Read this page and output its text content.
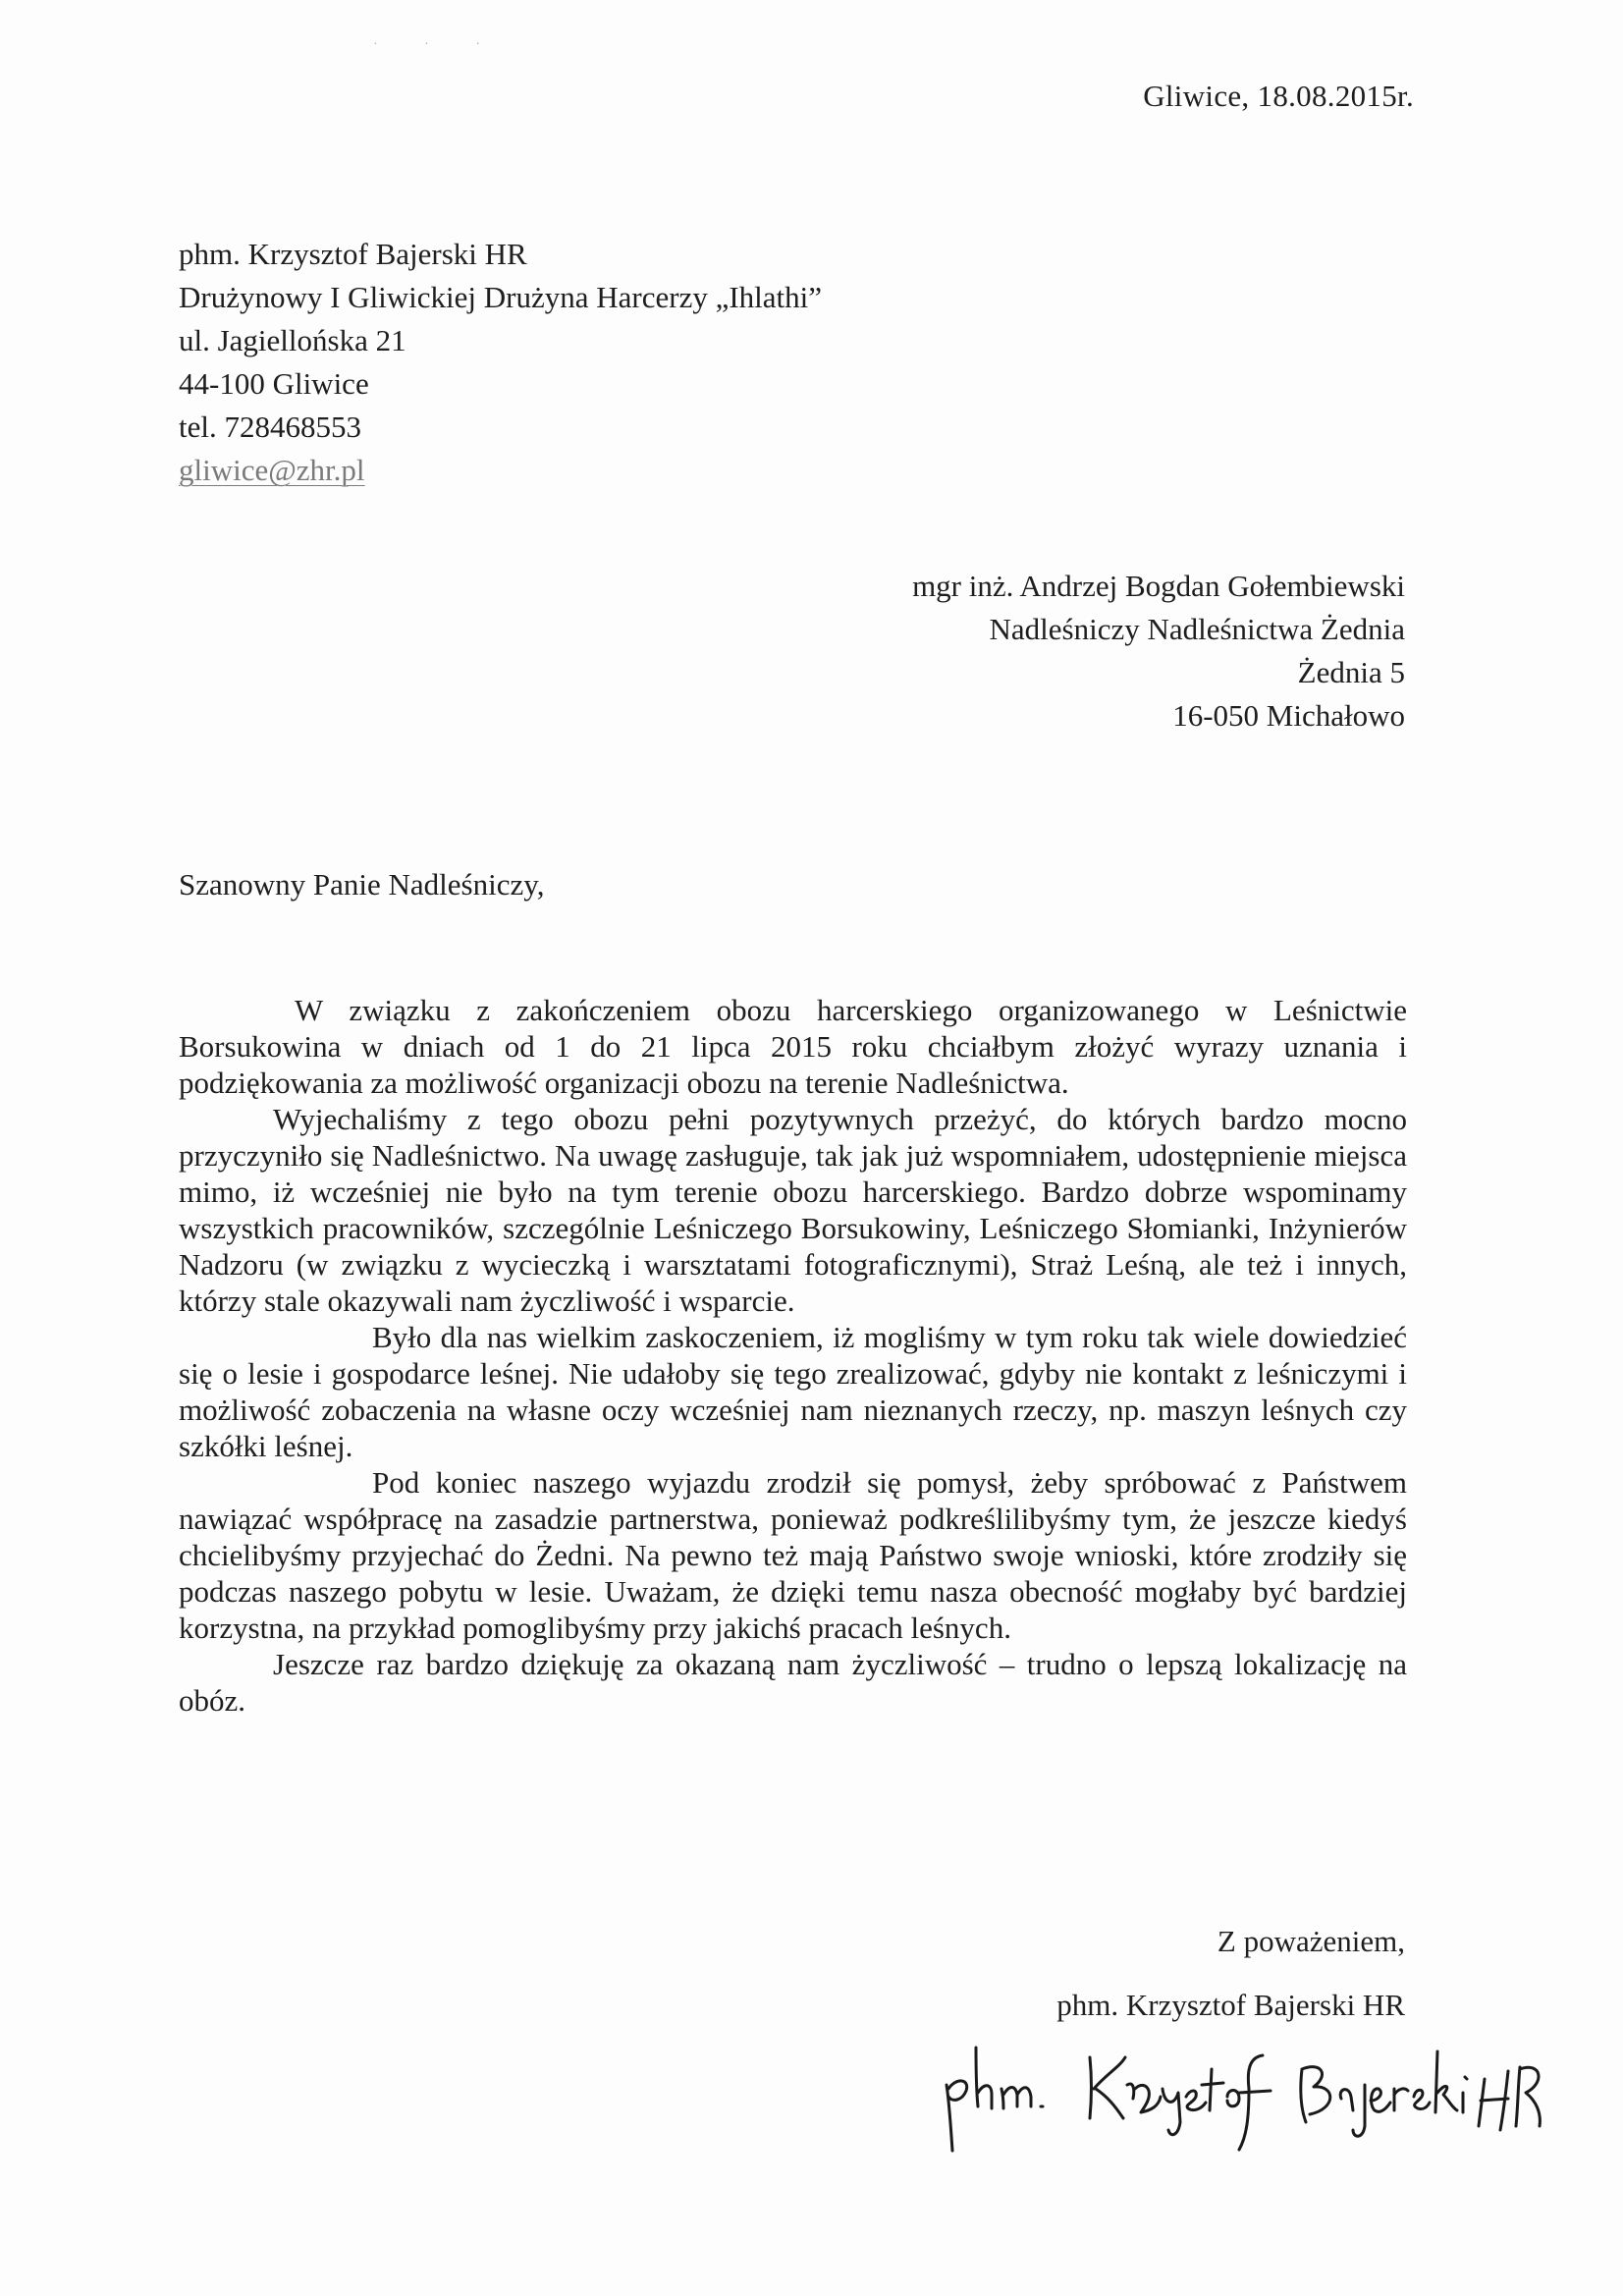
· · ·
Gliwice, 18.08.2015r.
phm. Krzysztof Bajerski HR
Drużynowy I Gliwickiej Drużyna Harcerzy „Ihlathi”
ul. Jagiellońska 21
44-100 Gliwice
tel. 728468553
gliwice@zhr.pl
mgr inż. Andrzej Bogdan Gołembiewski
Nadleśniczy Nadleśnictwa Żednia
Żednia 5
16-050 Michałowo
Szanowny Panie Nadleśniczy,

W związku z zakończeniem obozu harcerskiego organizowanego w Leśnictwie Borsukowina w dniach od 1 do 21 lipca 2015 roku chciałbym złożyć wyrazy uznania i podziękowania za możliwość organizacji obozu na terenie Nadleśnictwa.

Wyjechaliśmy z tego obozu pełni pozytywnych przeżyć, do których bardzo mocno przyczyniło się Nadleśnictwo. Na uwagę zasługuje, tak jak już wspomniałem, udostępnienie miejsca mimo, iż wcześniej nie było na tym terenie obozu harcerskiego. Bardzo dobrze wspominamy wszystkich pracowników, szczególnie Leśniczego Borsukowiny, Leśniczego Słomianki, Inżynierów Nadzoru (w związku z wycieczką i warsztatami fotograficznymi), Straż Leśną, ale też i innych, którzy stale okazywali nam życzliwość i wsparcie.

Było dla nas wielkim zaskoczeniem, iż mogliśmy w tym roku tak wiele dowiedzieć się o lesie i gospodarce leśnej. Nie udałoby się tego zrealizować, gdyby nie kontakt z leśniczymi i możliwość zobaczenia na własne oczy wcześniej nam nieznanych rzeczy, np. maszyn leśnych czy szkółki leśnej.

Pod koniec naszego wyjazdu zrodził się pomysł, żeby spróbować z Państwem nawiązać współpracę na zasadzie partnerstwa, ponieważ podkreślilibyśmy tym, że jeszcze kiedyś chcielibyśmy przyjechać do Żedni. Na pewno też mają Państwo swoje wnioski, które zrodziły się podczas naszego pobytu w lesie. Uważam, że dzięki temu nasza obecność mogłaby być bardziej korzystna, na przykład pomoglibyśmy przy jakichś pracach leśnych.

Jeszcze raz bardzo dziękuję za okazaną nam życzliwość – trudno o lepszą lokalizację na obóz.

Z poważeniem,
phm. Krzysztof Bajerski HR
